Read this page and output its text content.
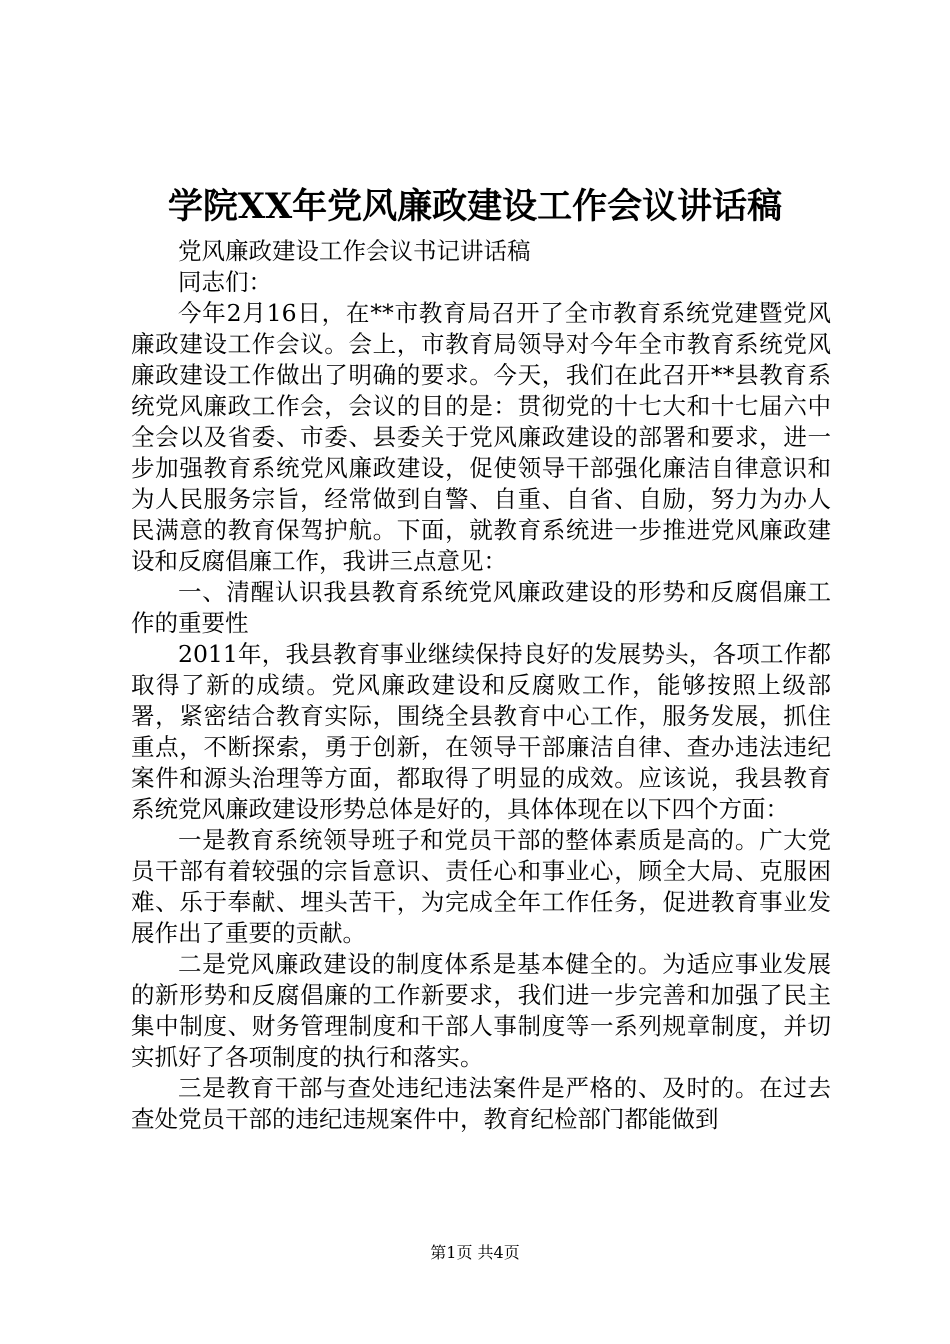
学院XX年党风廉政建设工作会议讲话稿

党风廉政建设工作会议书记讲话稿

同志们：

今年2月16日，在**市教育局召开了全市教育系统党建暨党风廉政建设工作会议。会上，市教育局领导对今年全市教育系统党风廉政建设工作做出了明确的要求。今天，我们在此召开**县教育系统党风廉政工作会，会议的目的是：贯彻党的十七大和十七届六中全会以及省委、市委、县委关于党风廉政建设的部署和要求，进一步加强教育系统党风廉政建设，促使领导干部强化廉洁自律意识和为人民服务宗旨，经常做到自警、自重、自省、自励，努力为办人民满意的教育保驾护航。下面，就教育系统进一步推进党风廉政建设和反腐倡廉工作，我讲三点意见：

一、清醒认识我县教育系统党风廉政建设的形势和反腐倡廉工作的重要性

2011年，我县教育事业继续保持良好的发展势头，各项工作都取得了新的成绩。党风廉政建设和反腐败工作，能够按照上级部署，紧密结合教育实际，围绕全县教育中心工作，服务发展，抓住重点，不断探索，勇于创新，在领导干部廉洁自律、查办违法违纪案件和源头治理等方面，都取得了明显的成效。应该说，我县教育系统党风廉政建设形势总体是好的，具体体现在以下四个方面：

一是教育系统领导班子和党员干部的整体素质是高的。广大党员干部有着较强的宗旨意识、责任心和事业心，顾全大局、克服困难、乐于奉献、埋头苦干，为完成全年工作任务，促进教育事业发展作出了重要的贡献。

二是党风廉政建设的制度体系是基本健全的。为适应事业发展的新形势和反腐倡廉的工作新要求，我们进一步完善和加强了民主集中制度、财务管理制度和干部人事制度等一系列规章制度，并切实抓好了各项制度的执行和落实。

三是教育干部与查处违纪违法案件是严格的、及时的。在过去查处党员干部的违纪违规案件中，教育纪检部门都能做到

第1页 共4页
